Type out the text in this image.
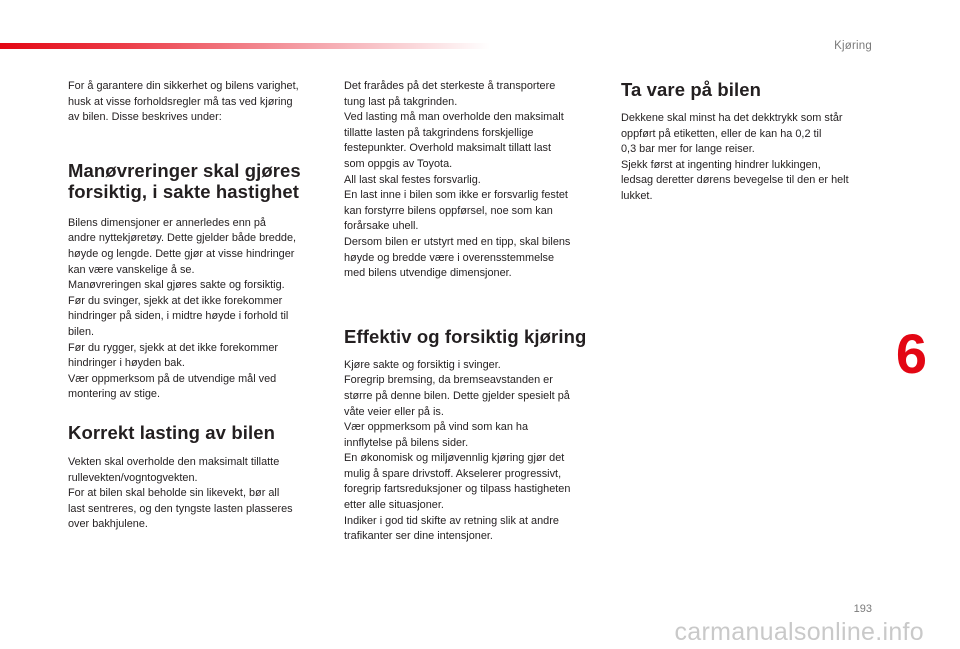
Kjøring

For å garantere din sikkerhet og bilens varighet,
husk at visse forholdsregler må tas ved kjøring
av bilen. Disse beskrives under:

Manøvreringer skal gjøres
forsiktig, i sakte hastighet

Bilens dimensjoner er annerledes enn på
andre nyttekjøretøy. Dette gjelder både bredde,
høyde og lengde. Dette gjør at visse hindringer
kan være vanskelige å se.
Manøvreringen skal gjøres sakte og forsiktig.
Før du svinger, sjekk at det ikke forekommer
hindringer på siden, i midtre høyde i forhold til
bilen.
Før du rygger, sjekk at det ikke forekommer
hindringer i høyden bak.
Vær oppmerksom på de utvendige mål ved
montering av stige.

Korrekt lasting av bilen

Vekten skal overholde den maksimalt tillatte
rullevekten/vogntogvekten.
For at bilen skal beholde sin likevekt, bør all
last sentreres, og den tyngste lasten plasseres
over bakhjulene.

Det frarådes på det sterkeste å transportere
tung last på takgrinden.
Ved lasting må man overholde den maksimalt
tillatte lasten på takgrindens forskjellige
festepunkter. Overhold maksimalt tillatt last
som oppgis av Toyota.
All last skal festes forsvarlig.
En last inne i bilen som ikke er forsvarlig festet
kan forstyrre bilens oppførsel, noe som kan
forårsake uhell.
Dersom bilen er utstyrt med en tipp, skal bilens
høyde og bredde være i overensstemmelse
med bilens utvendige dimensjoner.

Effektiv og forsiktig kjøring

Kjøre sakte og forsiktig i svinger.
Foregrip bremsing, da bremseavstanden er
større på denne bilen. Dette gjelder spesielt på
våte veier eller på is.
Vær oppmerksom på vind som kan ha
innflytelse på bilens sider.
En økonomisk og miljøvennlig kjøring gjør det
mulig å spare drivstoff. Akselerer progressivt,
foregrip fartsreduksjoner og tilpass hastigheten
etter alle situasjoner.
Indiker i god tid skifte av retning slik at andre
trafikanter ser dine intensjoner.

Ta vare på bilen

Dekkene skal minst ha det dekktrykk som står
oppført på etiketten, eller de kan ha 0,2 til
0,3 bar mer for lange reiser.
Sjekk først at ingenting hindrer lukkingen,
ledsag deretter dørens bevegelse til den er helt
lukket.

6
193
carmanualsonline.info
